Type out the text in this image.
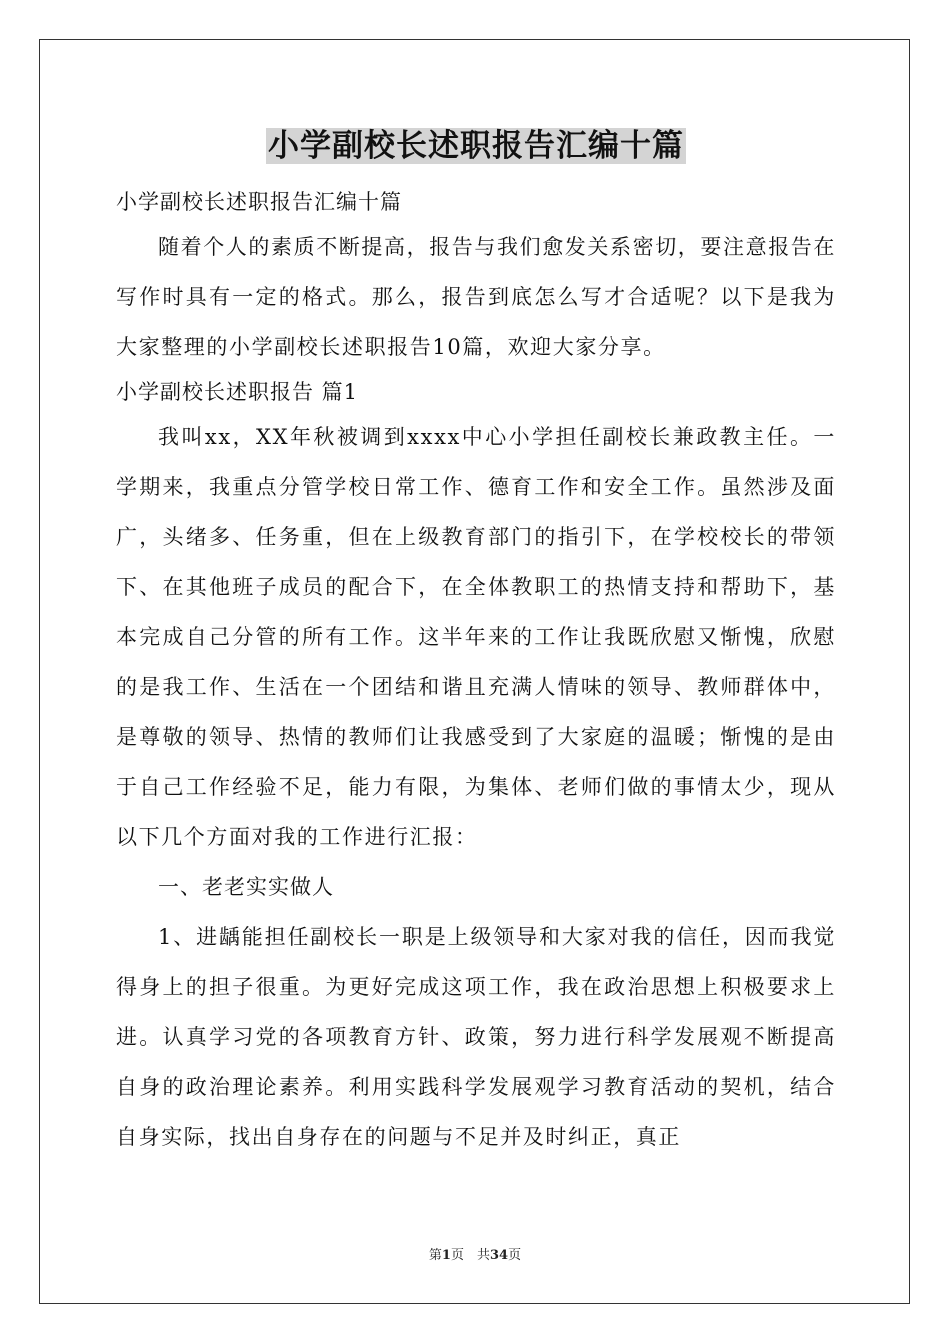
小学副校长述职报告汇编十篇

小学副校长述职报告汇编十篇

随着个人的素质不断提高，报告与我们愈发关系密切，要注意报告在写作时具有一定的格式。那么，报告到底怎么写才合适呢？以下是我为大家整理的小学副校长述职报告10篇，欢迎大家分享。

小学副校长述职报告 篇1

我叫xx，XX年秋被调到xxxx中心小学担任副校长兼政教主任。一学期来，我重点分管学校日常工作、德育工作和安全工作。虽然涉及面广，头绪多、任务重，但在上级教育部门的指引下，在学校校长的带领下、在其他班子成员的配合下，在全体教职工的热情支持和帮助下，基本完成自己分管的所有工作。这半年来的工作让我既欣慰又惭愧，欣慰的是我工作、生活在一个团结和谐且充满人情味的领导、教师群体中，是尊敬的领导、热情的教师们让我感受到了大家庭的温暖；惭愧的是由于自己工作经验不足，能力有限，为集体、老师们做的事情太少，现从以下几个方面对我的工作进行汇报：

一、老老实实做人

1、进龋能担任副校长一职是上级领导和大家对我的信任，因而我觉得身上的担子很重。为更好完成这项工作，我在政治思想上积极要求上进。认真学习党的各项教育方针、政策，努力进行科学发展观不断提高自身的政治理论素养。利用实践科学发展观学习教育活动的契机，结合自身实际，找出自身存在的问题与不足并及时纠正，真正

第1页　共34页
